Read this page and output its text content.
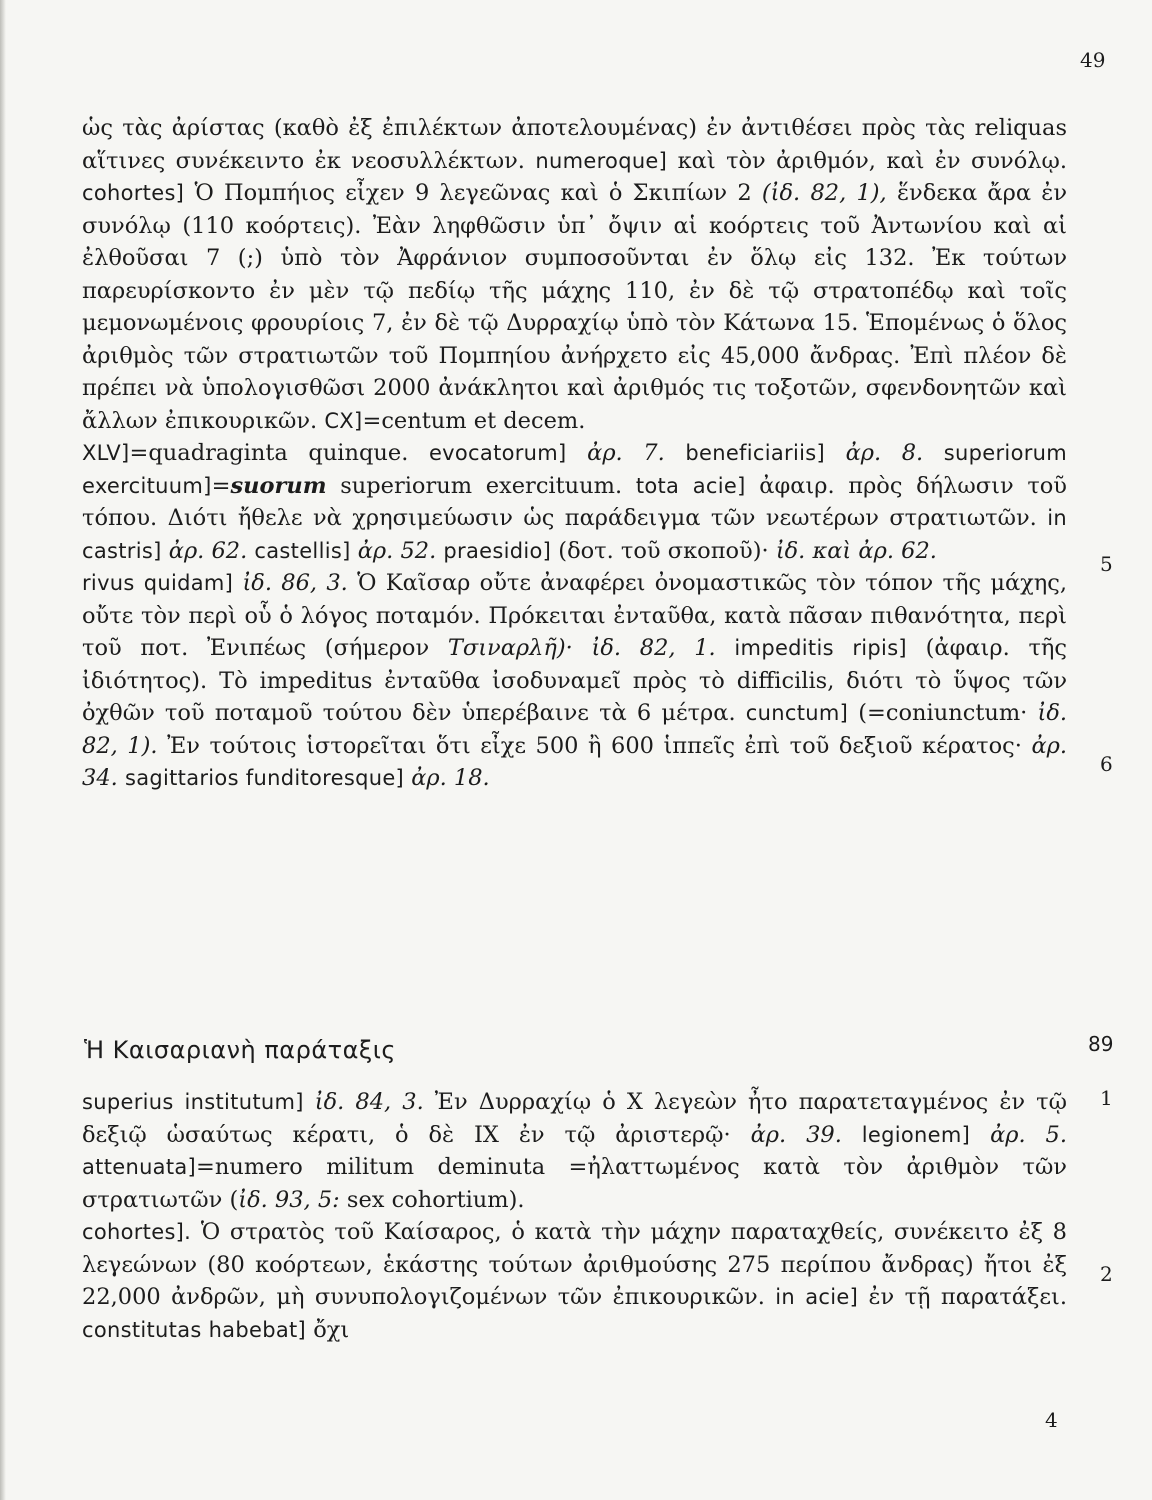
49

ὡς τὰς ἀρίστας (καθὸ ἐξ ἐπιλέκτων ἀποτελουμένας) ἐν ἀντιθέσει πρὸς τὰς reliquas αἵτινες συνέκειντο ἐκ νεοσυλλέκτων. numeroque] καὶ τὸν ἀριθμόν, καὶ ἐν συνόλῳ. cohortes] Ὁ Πομπήιος εἶχεν 9 λεγεῶνας καὶ ὁ Σκιπίων 2 (ἰδ. 82, 1), ἕνδεκα ἄρα ἐν συνόλῳ (110 κοόρτεις). Ἐὰν ληφθῶσιν ὑπ᾽ ὄψιν αἱ κοόρτεις τοῦ Ἀντωνίου καὶ αἱ ἐλθοῦσαι 7 (;) ὑπὸ τὸν Ἀφράνιον συμποσοῦνται ἐν ὅλῳ εἰς 132. Ἐκ τούτων παρευρίσκοντο ἐν μὲν τῷ πεδίῳ τῆς μάχης 110, ἐν δὲ τῷ στρατοπέδῳ καὶ τοῖς μεμονωμένοις φρουρίοις 7, ἐν δὲ τῷ Δυρραχίῳ ὑπὸ τὸν Κάτωνα 15. Ἑπομένως ὁ ὅλος ἀριθμὸς τῶν στρατιωτῶν τοῦ Πομπηίου ἀνήρχετο εἰς 45,000 ἄνδρας. Ἐπὶ πλέον δὲ πρέπει νὰ ὑπολογισθῶσι 2000 ἀνάκλητοι καὶ ἀριθμός τις τοξοτῶν, σφενδονητῶν καὶ ἄλλων ἐπικουρικῶν. CX]=centum et decem.

XLV]=quadraginta quinque. evocatorum] ἀρ. 7. beneficiariis] ἀρ. 8. superiorum exercituum]=suorum superiorum exercituum. tota acie] ἀφαιρ. πρὸς δήλωσιν τοῦ τόπου. Διότι ἤθελε νὰ χρησιμεύωσιν ὡς παράδειγμα τῶν νεωτέρων στρατιωτῶν. in castris] ἀρ. 62. castellis] ἀρ. 52. praesidio] (δοτ. τοῦ σκοποῦ)· ἰδ. καὶ ἀρ. 62.

rivus quidam] ἰδ. 86, 3. Ὁ Καῖσαρ οὔτε ἀναφέρει ὀνομαστικῶς τὸν τόπον τῆς μάχης, οὔτε τὸν περὶ οὗ ὁ λόγος ποταμόν. Πρόκειται ἐνταῦθα, κατὰ πᾶσαν πιθανότητα, περὶ τοῦ ποτ. Ἐνιπέως (σήμερον Τσιναρλῆ)· ἰδ. 82, 1. impeditis ripis] (ἀφαιρ. τῆς ἰδιότητος). Τὸ impeditus ἐνταῦθα ἰσοδυναμεῖ πρὸς τὸ difficilis, διότι τὸ ὕψος τῶν ὀχθῶν τοῦ ποταμοῦ τούτου δὲν ὑπερέβαινε τὰ 6 μέτρα. cunctum] (=coniunctum· ἰδ. 82, 1). Ἐν τούτοις ἱστορεῖται ὅτι εἶχε 500 ἢ 600 ἱππεῖς ἐπὶ τοῦ δεξιοῦ κέρατος· ἀρ. 34. sagittarios funditoresque] ἀρ. 18.

5
6
Ἡ Καισαριανὴ παράταξις	89

superius institutum] ἰδ. 84, 3. Ἐν Δυρραχίῳ ὁ X λεγεὼν ἦτο παρατεταγμένος ἐν τῷ δεξιῷ ὡσαύτως κέρατι, ὁ δὲ IX ἐν τῷ ἀριστερῷ· ἀρ. 39. legionem] ἀρ. 5. attenuata]=numero militum deminuta =ἠλαττωμένος κατὰ τὸν ἀριθμὸν τῶν στρατιωτῶν (ἰδ. 93, 5: sex cohortium).

cohortes]. Ὁ στρατὸς τοῦ Καίσαρος, ὁ κατὰ τὴν μάχην παραταχθείς, συνέκειτο ἐξ 8 λεγεώνων (80 κοόρτεων, ἑκάστης τούτων ἀριθμούσης 275 περίπου ἄνδρας) ἤτοι ἐξ 22,000 ἀνδρῶν, μὴ συνυπολογιζομένων τῶν ἐπικουρικῶν. in acie] ἐν τῇ παρατάξει. constitutas habebat] ὄχι

1
2
4
